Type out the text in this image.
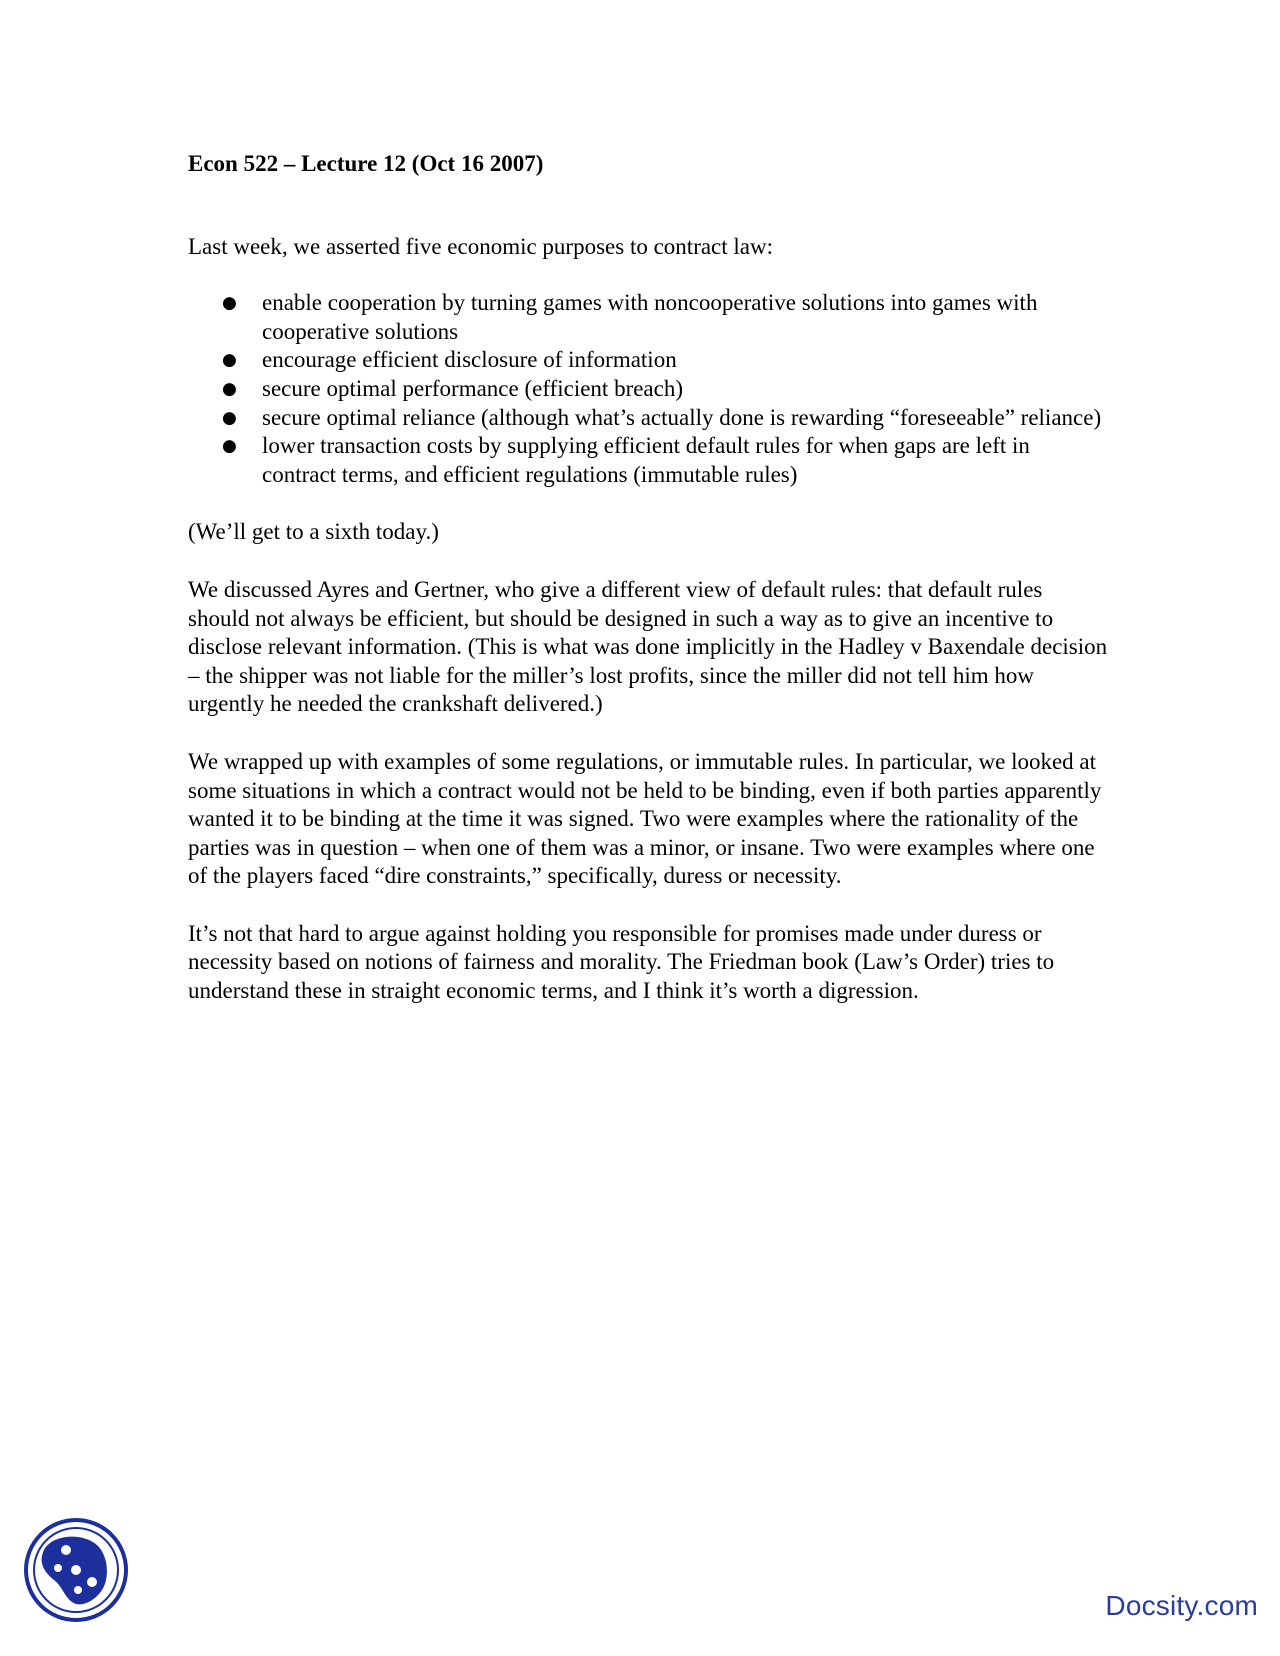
Econ 522 – Lecture 12 (Oct 16 2007)
Last week, we asserted five economic purposes to contract law:
● enable cooperation by turning games with noncooperative solutions into games with cooperative solutions
● encourage efficient disclosure of information
● secure optimal performance (efficient breach)
● secure optimal reliance (although what’s actually done is rewarding “foreseeable” reliance)
● lower transaction costs by supplying efficient default rules for when gaps are left in contract terms, and efficient regulations (immutable rules)
(We’ll get to a sixth today.)
We discussed Ayres and Gertner, who give a different view of default rules: that default rules should not always be efficient, but should be designed in such a way as to give an incentive to disclose relevant information. (This is what was done implicitly in the Hadley v Baxendale decision – the shipper was not liable for the miller’s lost profits, since the miller did not tell him how urgently he needed the crankshaft delivered.)
We wrapped up with examples of some regulations, or immutable rules. In particular, we looked at some situations in which a contract would not be held to be binding, even if both parties apparently wanted it to be binding at the time it was signed. Two were examples where the rationality of the parties was in question – when one of them was a minor, or insane. Two were examples where one of the players faced “dire constraints,” specifically, duress or necessity.
It’s not that hard to argue against holding you responsible for promises made under duress or necessity based on notions of fairness and morality. The Friedman book (Law’s Order) tries to understand these in straight economic terms, and I think it’s worth a digression.
Docsity.com
